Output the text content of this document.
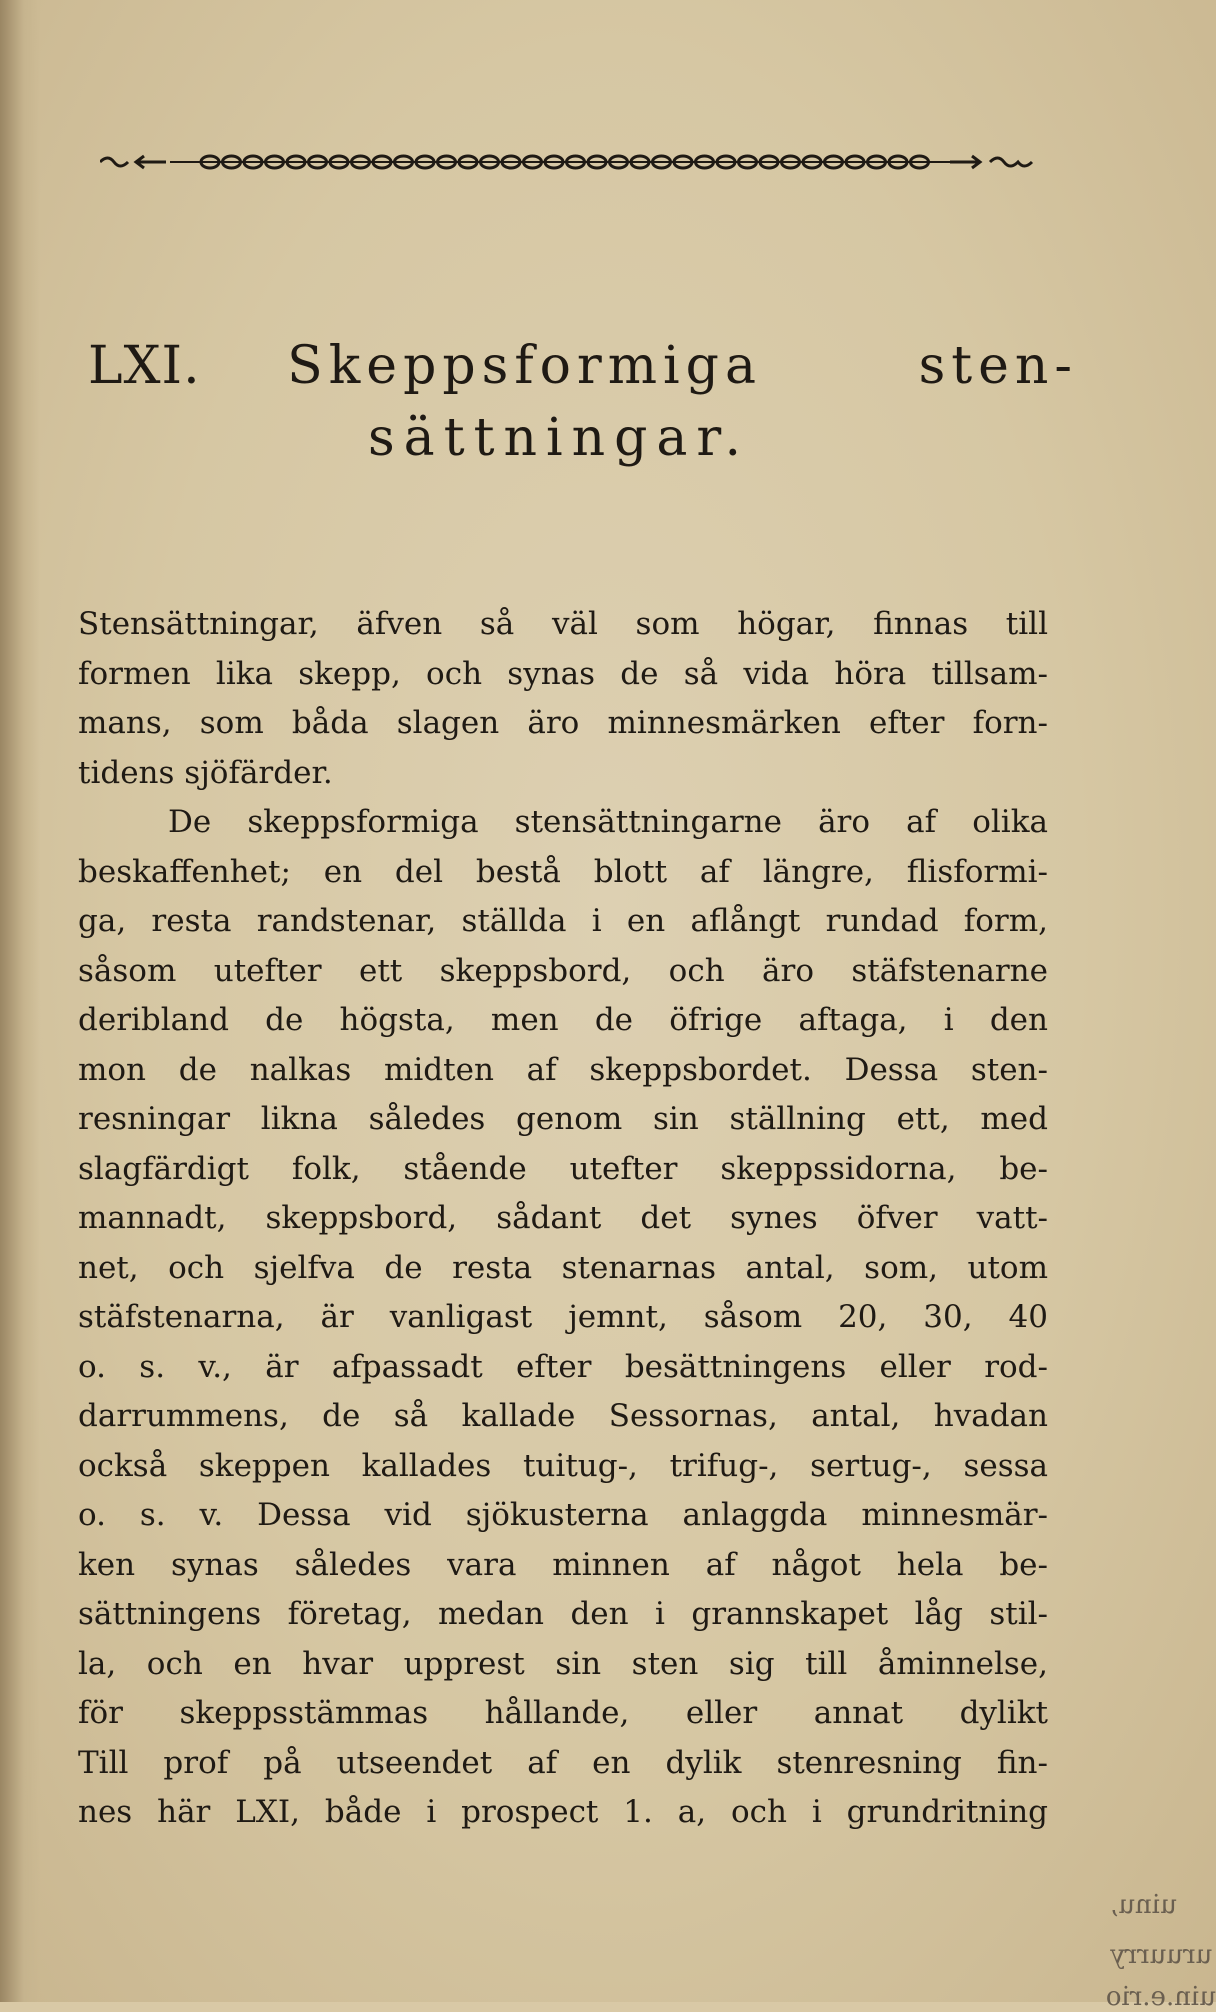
LXI. Skeppsformiga	sten-
sättningar.
Stensättningar, äfven så väl som högar, finnas till
formen lika skepp, och synas de så vida höra tillsam-
mans, som båda slagen äro minnesmärken efter forn-
tidens sjöfärder.
De skeppsformiga stensättningarne äro af olika
beskaffenhet; en del bestå blott af längre, flisformi-
ga, resta randstenar, ställda i en aflångt rundad form,
såsom utefter ett skeppsbord, och äro stäfstenarne
deribland de högsta, men de öfrige aftaga, i den
mon de nalkas midten af skeppsbordet. Dessa sten-
resningar likna således genom sin ställning ett, med
slagfärdigt folk, stående utefter skeppssidorna, be-
mannadt, skeppsbord, sådant det synes öfver vatt-
net, och sjelfva de resta stenarnas antal, som, utom
stäfstenarna, är vanligast jemnt, såsom 20, 30, 40
o. s. v., är afpassadt efter besättningens eller rod-
darrummens, de så kallade Sessornas, antal, hvadan
också skeppen kallades tuitug-, trifug-, sertug-, sessa
o. s. v. Dessa vid sjökusterna anlaggda minnesmär-
ken synas således vara minnen af något hela be-
sättningens företag, medan den i grannskapet låg stil-
la, och en hvar upprest sin sten sig till åminnelse,
för skeppsstämmas hållande, eller annat dylikt
Till prof på utseendet af en dylik stenresning fin-
nes här LXI, både i prospect 1. a, och i grundritning
uinu,
uruurry
uin.e.rio
